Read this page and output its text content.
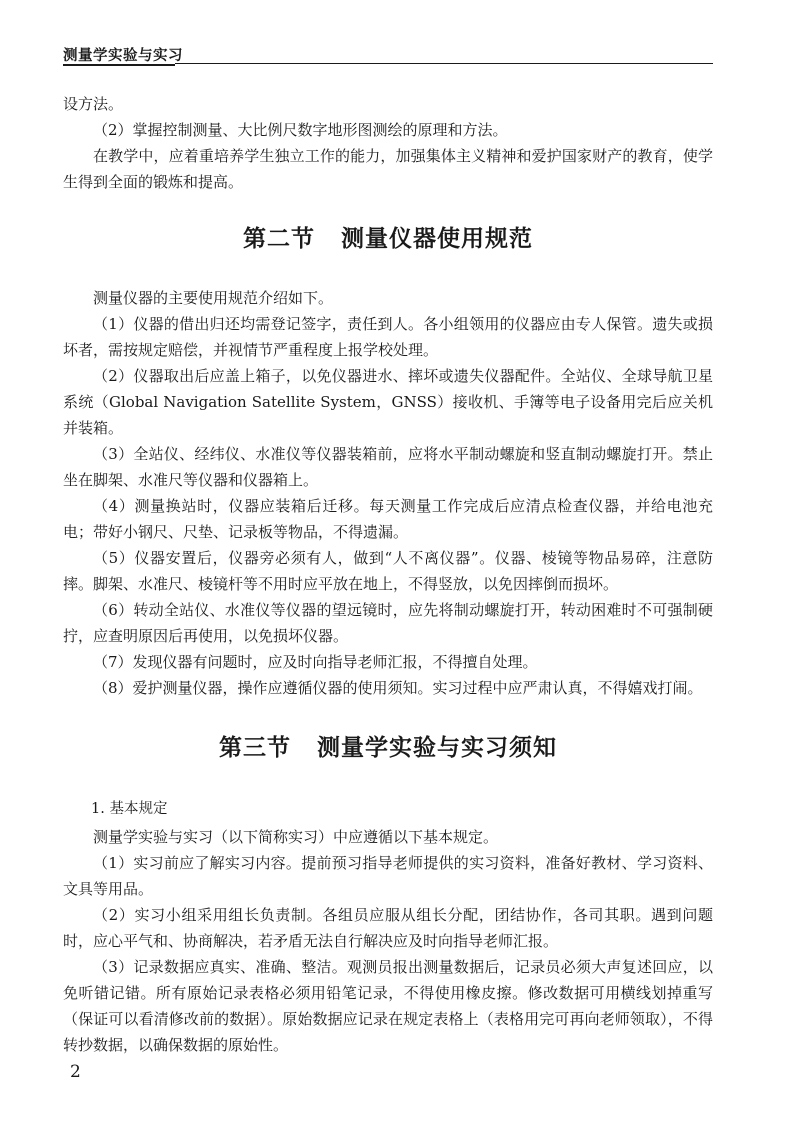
测量学实验与实习

设方法。

（2）掌握控制测量、大比例尺数字地形图测绘的原理和方法。

在教学中，应着重培养学生独立工作的能力，加强集体主义精神和爱护国家财产的教育，使学生得到全面的锻炼和提高。

第二节 测量仪器使用规范

测量仪器的主要使用规范介绍如下。

（1）仪器的借出归还均需登记签字，责任到人。各小组领用的仪器应由专人保管。遗失或损坏者，需按规定赔偿，并视情节严重程度上报学校处理。

（2）仪器取出后应盖上箱子，以免仪器进水、摔坏或遗失仪器配件。全站仪、全球导航卫星系统（Global Navigation Satellite System，GNSS）接收机、手簿等电子设备用完后应关机并装箱。

（3）全站仪、经纬仪、水准仪等仪器装箱前，应将水平制动螺旋和竖直制动螺旋打开。禁止坐在脚架、水准尺等仪器和仪器箱上。

（4）测量换站时，仪器应装箱后迁移。每天测量工作完成后应清点检查仪器，并给电池充电；带好小钢尺、尺垫、记录板等物品，不得遗漏。

（5）仪器安置后，仪器旁必须有人，做到“人不离仪器”。仪器、棱镜等物品易碎，注意防摔。脚架、水准尺、棱镜杆等不用时应平放在地上，不得竖放，以免因摔倒而损坏。

（6）转动全站仪、水准仪等仪器的望远镜时，应先将制动螺旋打开，转动困难时不可强制硬拧，应查明原因后再使用，以免损坏仪器。

（7）发现仪器有问题时，应及时向指导老师汇报，不得擅自处理。

（8）爱护测量仪器，操作应遵循仪器的使用须知。实习过程中应严肃认真，不得嬉戏打闹。

第三节 测量学实验与实习须知
1. 基本规定

测量学实验与实习（以下简称实习）中应遵循以下基本规定。

（1）实习前应了解实习内容。提前预习指导老师提供的实习资料，准备好教材、学习资料、文具等用品。

（2）实习小组采用组长负责制。各组员应服从组长分配，团结协作，各司其职。遇到问题时，应心平气和、协商解决，若矛盾无法自行解决应及时向指导老师汇报。

（3）记录数据应真实、准确、整洁。观测员报出测量数据后，记录员必须大声复述回应，以免听错记错。所有原始记录表格必须用铅笔记录，不得使用橡皮擦。修改数据可用横线划掉重写（保证可以看清修改前的数据）。原始数据应记录在规定表格上（表格用完可再向老师领取），不得转抄数据，以确保数据的原始性。

2
